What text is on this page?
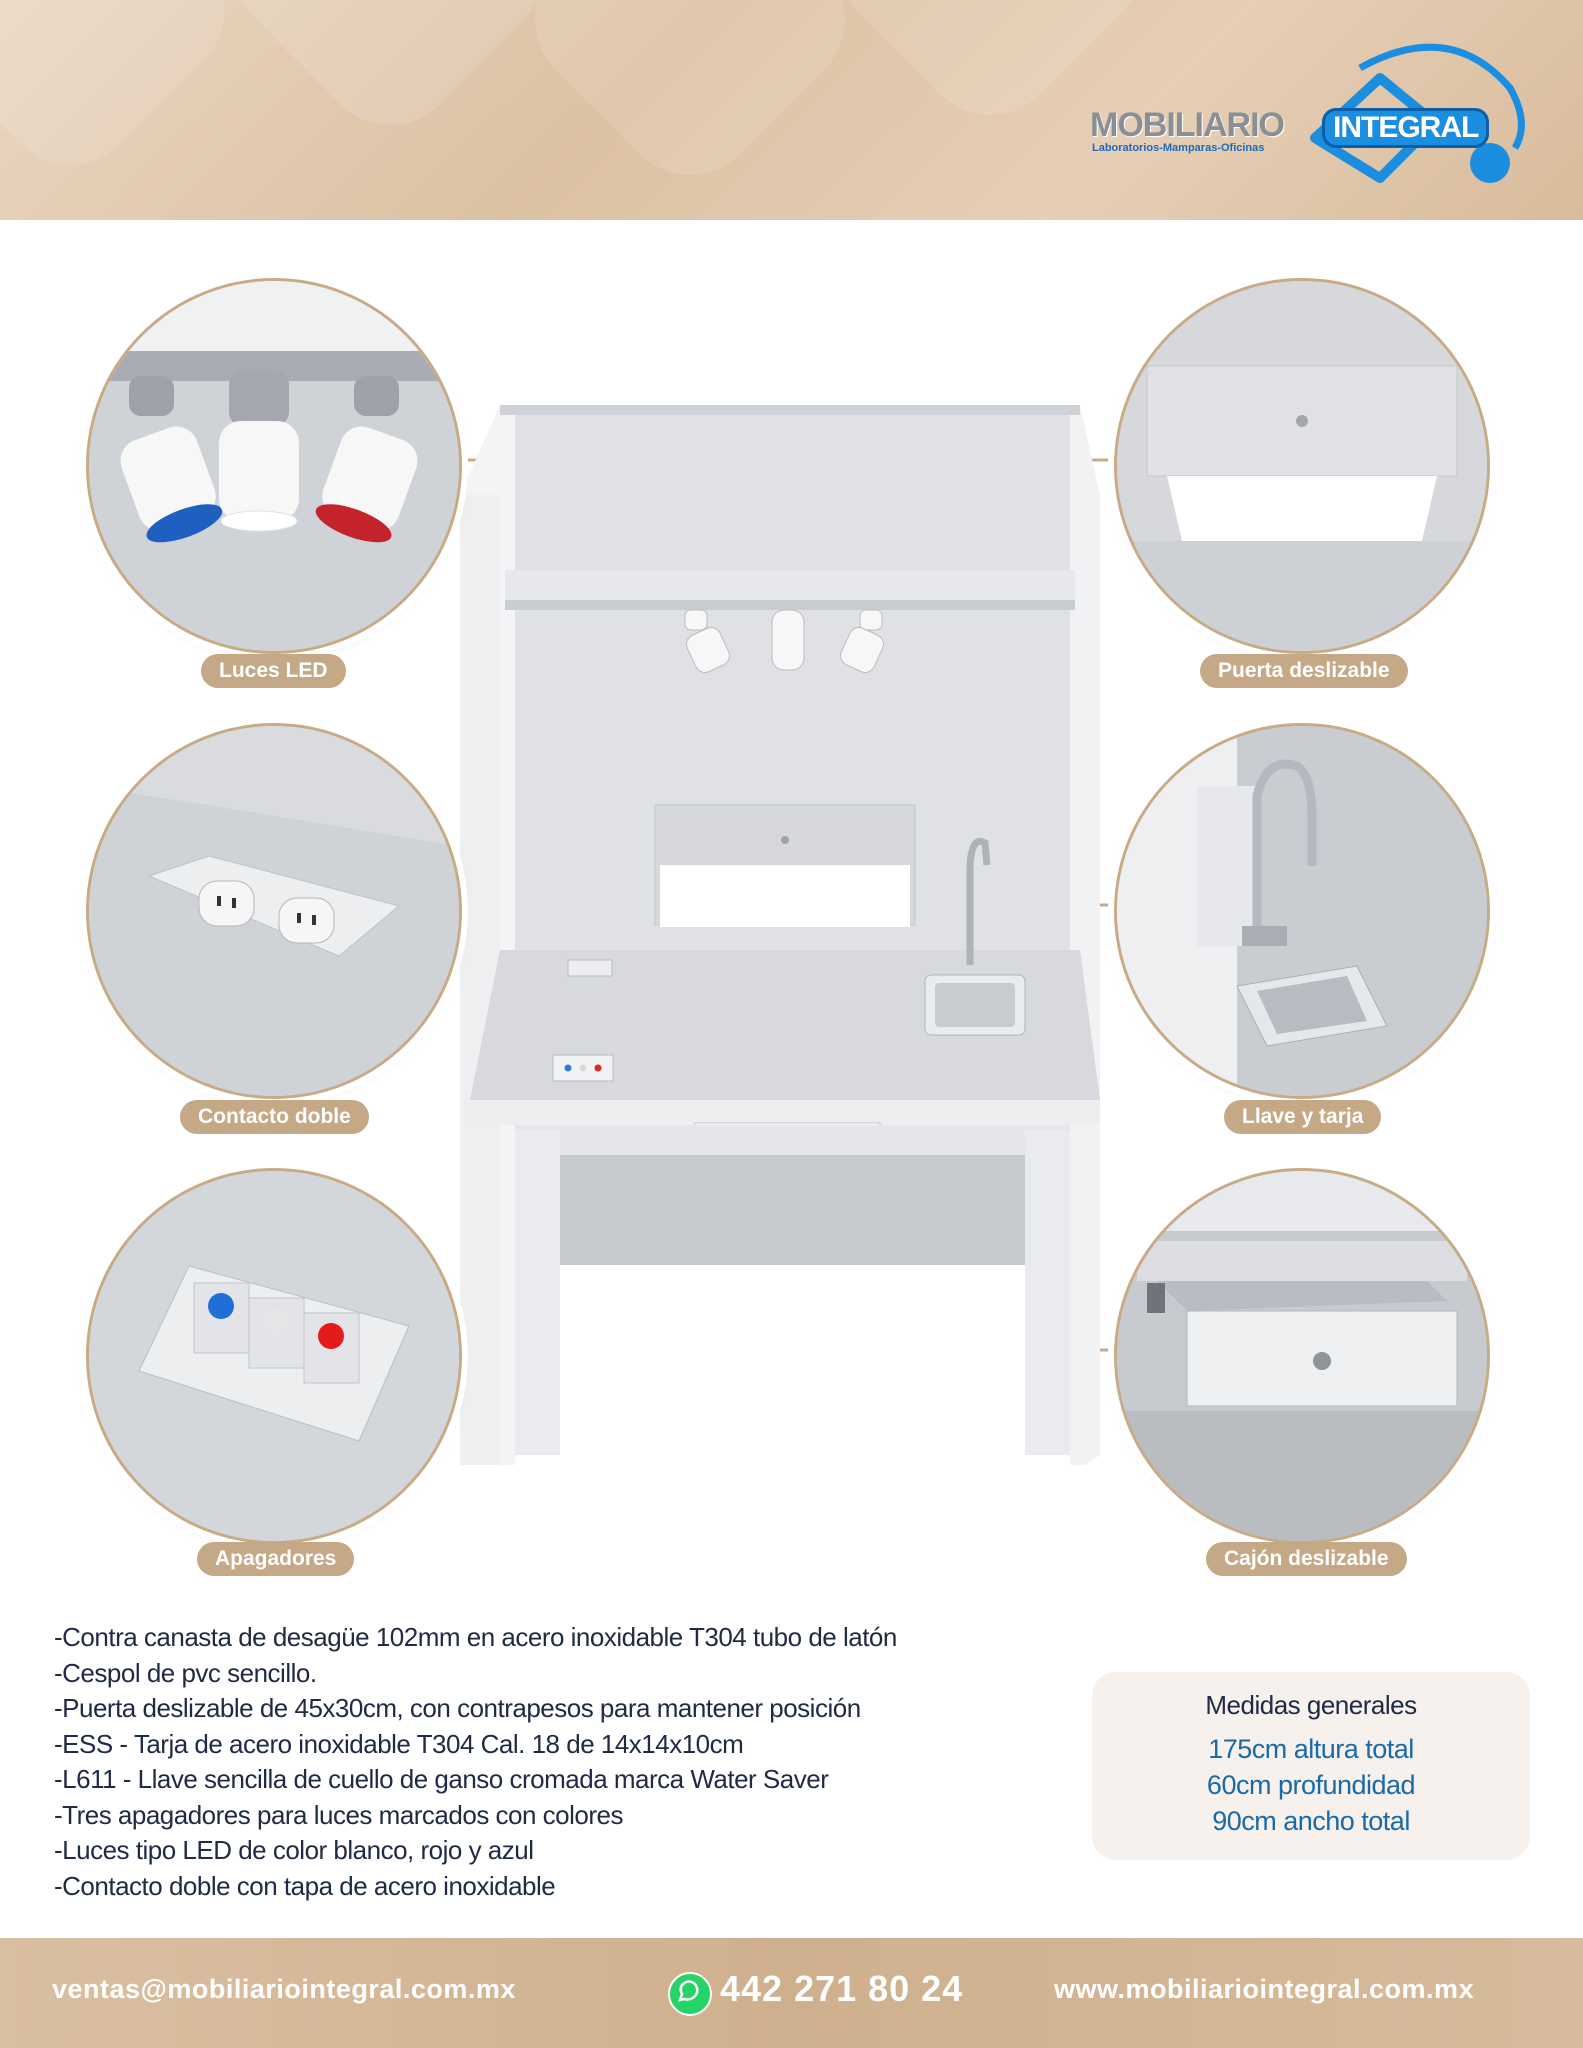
MOBILIARIO	INTEGRAL
Laboratorios-Mamparas-Oficinas
Luces LED	Puerta deslizable
Contacto doble	Llave y tarja
Apagadores	Cajón deslizable
-Contra canasta de desagüe 102mm en acero inoxidable T304 tubo de latón
-Cespol de pvc sencillo.
-Puerta deslizable de 45x30cm, con contrapesos para mantener posición
-ESS - Tarja de acero inoxidable T304 Cal. 18 de 14x14x10cm
-L611 - Llave sencilla de cuello de ganso cromada marca Water Saver
-Tres apagadores para luces marcados con colores
-Luces tipo LED de color blanco, rojo y azul
-Contacto doble con tapa de acero inoxidable
Medidas generales
175cm altura total
60cm profundidad
90cm ancho total
ventas@mobiliariointegral.com.mx	442 271 80 24	www.mobiliariointegral.com.mx
